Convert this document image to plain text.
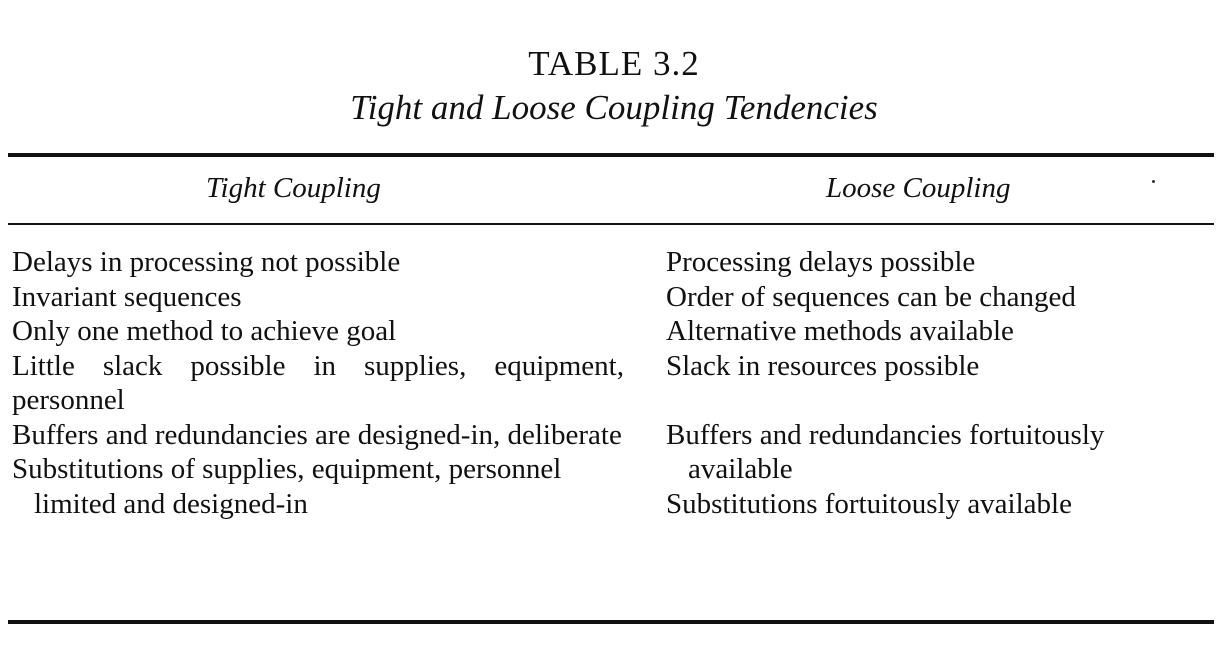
TABLE 3.2
Tight and Loose Coupling Tendencies
Tight Coupling	Loose Coupling
Delays in processing not possible
Invariant sequences
Only one method to achieve goal
Little slack possible in supplies, equipment, personnel
Buffers and redundancies are designed-in, deliberate
Substitutions of supplies, equipment, personnel limited and designed-in
Processing delays possible
Order of sequences can be changed
Alternative methods available
Slack in resources possible
Buffers and redundancies fortuitously available
Substitutions fortuitously available
